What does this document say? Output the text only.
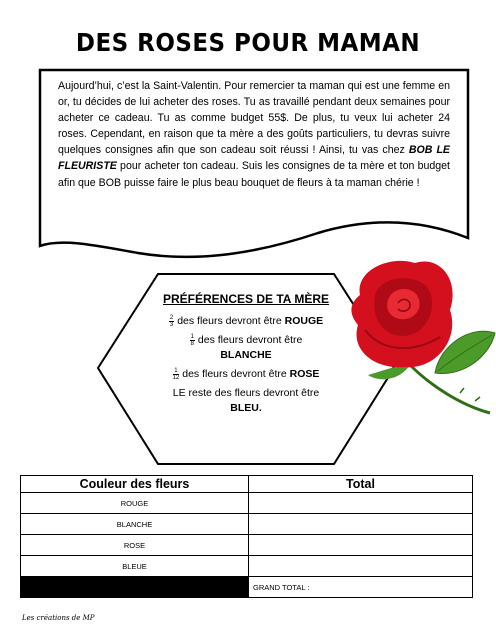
DES ROSES POUR MAMAN
Aujourd’hui, c’est la Saint-Valentin. Pour remercier ta maman qui est une femme en or, tu décides de lui acheter des roses. Tu as travaillé pendant deux semaines pour acheter ce cadeau. Tu as comme budget 55$. De plus, tu veux lui acheter 24 roses. Cependant, en raison que ta mère a des goûts particuliers, tu devras suivre quelques consignes afin que son cadeau soit réussi ! Ainsi, tu vas chez BOB LE FLEURISTE pour acheter ton cadeau. Suis les consignes de ta mère et ton budget afin que BOB puisse faire le plus beau bouquet de fleurs à ta maman chérie !
PRÉFÉRENCES DE TA MÈRE
$\frac{2}{3}$ des fleurs devront être ROUGE
$\frac{1}{8}$ des fleurs devront être
BLANCHE
$\frac{1}{12}$ des fleurs devront être ROSE
LE reste des fleurs devront être
BLEU.
Couleur des fleurs	Total
ROUGE	
BLANCHE	
ROSE	
BLEUE	
	GRAND TOTAL :
Les créations de MP
